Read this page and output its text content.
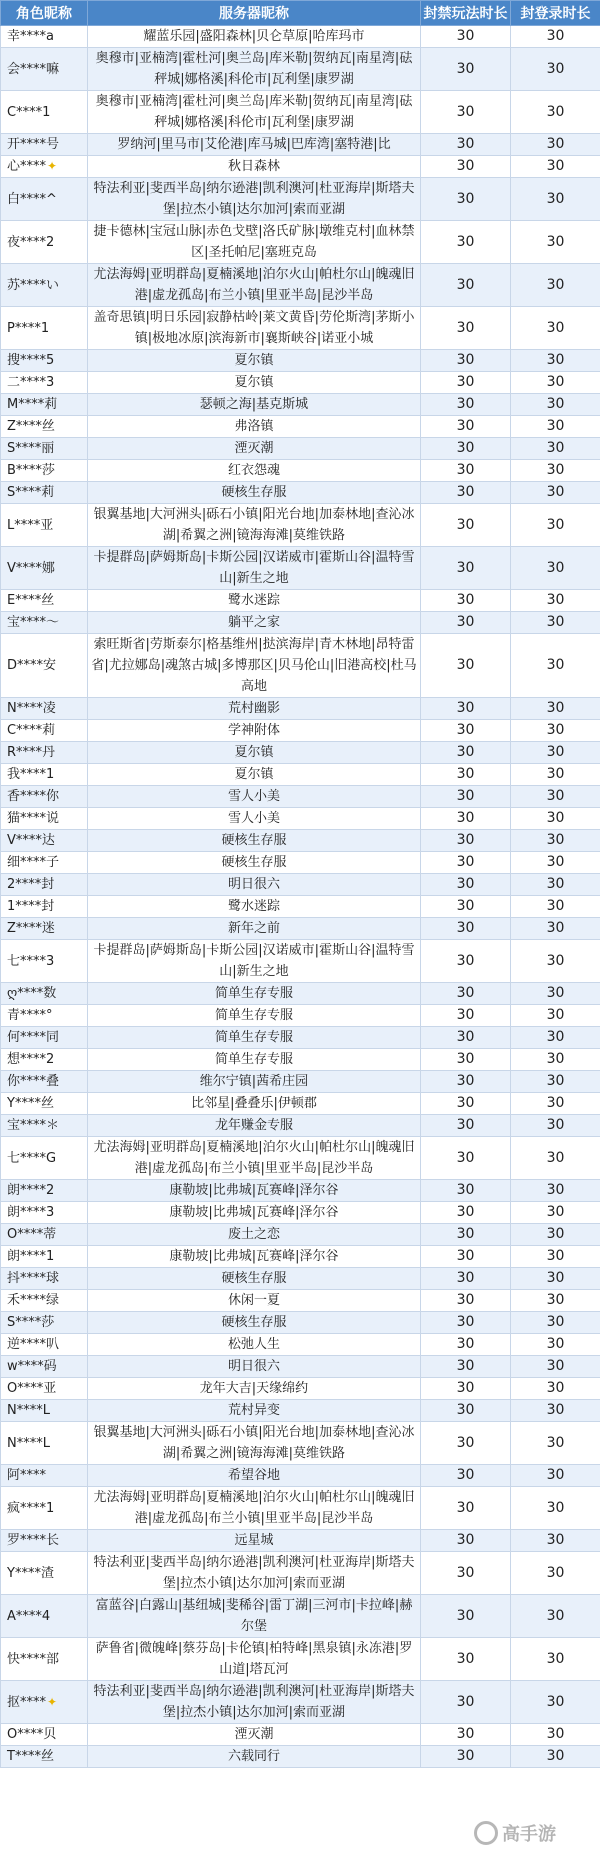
角色昵称	服务器昵称	封禁玩法时长	封登录时长
幸****a	耀蓝乐园|盛阳森林|贝仑草原|哈库玛市	30	30
会****嘛	奥穆市|亚楠湾|霍杜河|奥兰岛|库米勒|贺纳瓦|南星湾|砝秤城|娜格溪|科伦市|瓦利堡|康罗湖	30	30
C****1	奥穆市|亚楠湾|霍杜河|奥兰岛|库米勒|贺纳瓦|南星湾|砝秤城|娜格溪|科伦市|瓦利堡|康罗湖	30	30
开****号	罗纳河|里马市|艾伦港|库马城|巴库湾|塞特港|比	30	30
心****✦	秋日森林	30	30
白****^	特法利亚|斐西半岛|纳尔逊港|凯利澳河|杜亚海岸|斯塔夫堡|拉杰小镇|达尔加河|索而亚湖	30	30
夜****2	捷卡德林|宝冠山脉|赤色戈壁|洛氏矿脉|墩维克村|血林禁区|圣托帕尼|塞班克岛	30	30
苏****い	尤法海姆|亚明群岛|夏楠溪地|泊尔火山|帕杜尔山|魄魂旧港|虚龙孤岛|布兰小镇|里亚半岛|昆沙半岛	30	30
P****1	盖奇思镇|明日乐园|寂静枯岭|莱文黄昏|劳伦斯湾|茅斯小镇|极地冰原|滨海新市|襄斯峡谷|诺亚小城	30	30
搜****5	夏尔镇	30	30
二****3	夏尔镇	30	30
M****莉	瑟顿之海|基克斯城	30	30
Z****丝	弗洛镇	30	30
S****丽	湮灭潮	30	30
B****莎	红衣怨魂	30	30
S****莉	硬核生存服	30	30
L****亚	银翼基地|大河洲头|砾石小镇|阳光台地|加泰林地|查沁冰湖|希翼之洲|镜海海滩|莫维铁路	30	30
V****娜	卡提群岛|萨姆斯岛|卡斯公园|汉诺威市|霍斯山谷|温特雪山|新生之地	30	30
E****丝	鹭水迷踪	30	30
宝****～	躺平之家	30	30
D****安	索旺斯省|劳斯泰尔|格基维州|挞滨海岸|青木林地|昂特雷省|尤拉娜岛|魂煞古城|多博那区|贝马伦山|旧港高校|杜马高地	30	30
N****凌	荒村幽影	30	30
C****莉	学神附体	30	30
R****丹	夏尔镇	30	30
我****1	夏尔镇	30	30
香****你	雪人小美	30	30
猫****说	雪人小美	30	30
V****达	硬核生存服	30	30
细****子	硬核生存服	30	30
2****封	明日很六	30	30
1****封	鹭水迷踪	30	30
Z****迷	新年之前	30	30
七****3	卡提群岛|萨姆斯岛|卡斯公园|汉诺威市|霍斯山谷|温特雪山|新生之地	30	30
ღ****数	简单生存专服	30	30
青****°	简单生存专服	30	30
何****同	简单生存专服	30	30
想****2	简单生存专服	30	30
你****叠	维尔宁镇|茜希庄园	30	30
Y****丝	比邻星|叠叠乐|伊顿郡	30	30
宝****＊	龙年赚金专服	30	30
七****G	尤法海姆|亚明群岛|夏楠溪地|泊尔火山|帕杜尔山|魄魂旧港|虚龙孤岛|布兰小镇|里亚半岛|昆沙半岛	30	30
朗****2	康勒坡|比弗城|瓦赛峰|泽尔谷	30	30
朗****3	康勒坡|比弗城|瓦赛峰|泽尔谷	30	30
O****蒂	废土之恋	30	30
朗****1	康勒坡|比弗城|瓦赛峰|泽尔谷	30	30
抖****球	硬核生存服	30	30
禾****绿	休闲一夏	30	30
S****莎	硬核生存服	30	30
逆****叭	松弛人生	30	30
w****码	明日很六	30	30
O****亚	龙年大吉|天缘绵约	30	30
N****L	荒村异变	30	30
N****L	银翼基地|大河洲头|砾石小镇|阳光台地|加泰林地|查沁冰湖|希翼之洲|镜海海滩|莫维铁路	30	30
阿****	希望谷地	30	30
疯****1	尤法海姆|亚明群岛|夏楠溪地|泊尔火山|帕杜尔山|魄魂旧港|虚龙孤岛|布兰小镇|里亚半岛|昆沙半岛	30	30
罗****长	远星城	30	30
Y****渣	特法利亚|斐西半岛|纳尔逊港|凯利澳河|杜亚海岸|斯塔夫堡|拉杰小镇|达尔加河|索而亚湖	30	30
A****4	富蓝谷|白露山|基纽城|斐稀谷|雷丁湖|三河市|卡拉峰|赫尔堡	30	30
快****部	萨鲁省|微魄峰|蔡芬岛|卡伦镇|柏特峰|黑泉镇|永冻港|罗山道|塔瓦河	30	30
抠****✦	特法利亚|斐西半岛|纳尔逊港|凯利澳河|杜亚海岸|斯塔夫堡|拉杰小镇|达尔加河|索而亚湖	30	30
O****贝	湮灭潮	30	30
T****丝	六载同行	30	30
高手游
